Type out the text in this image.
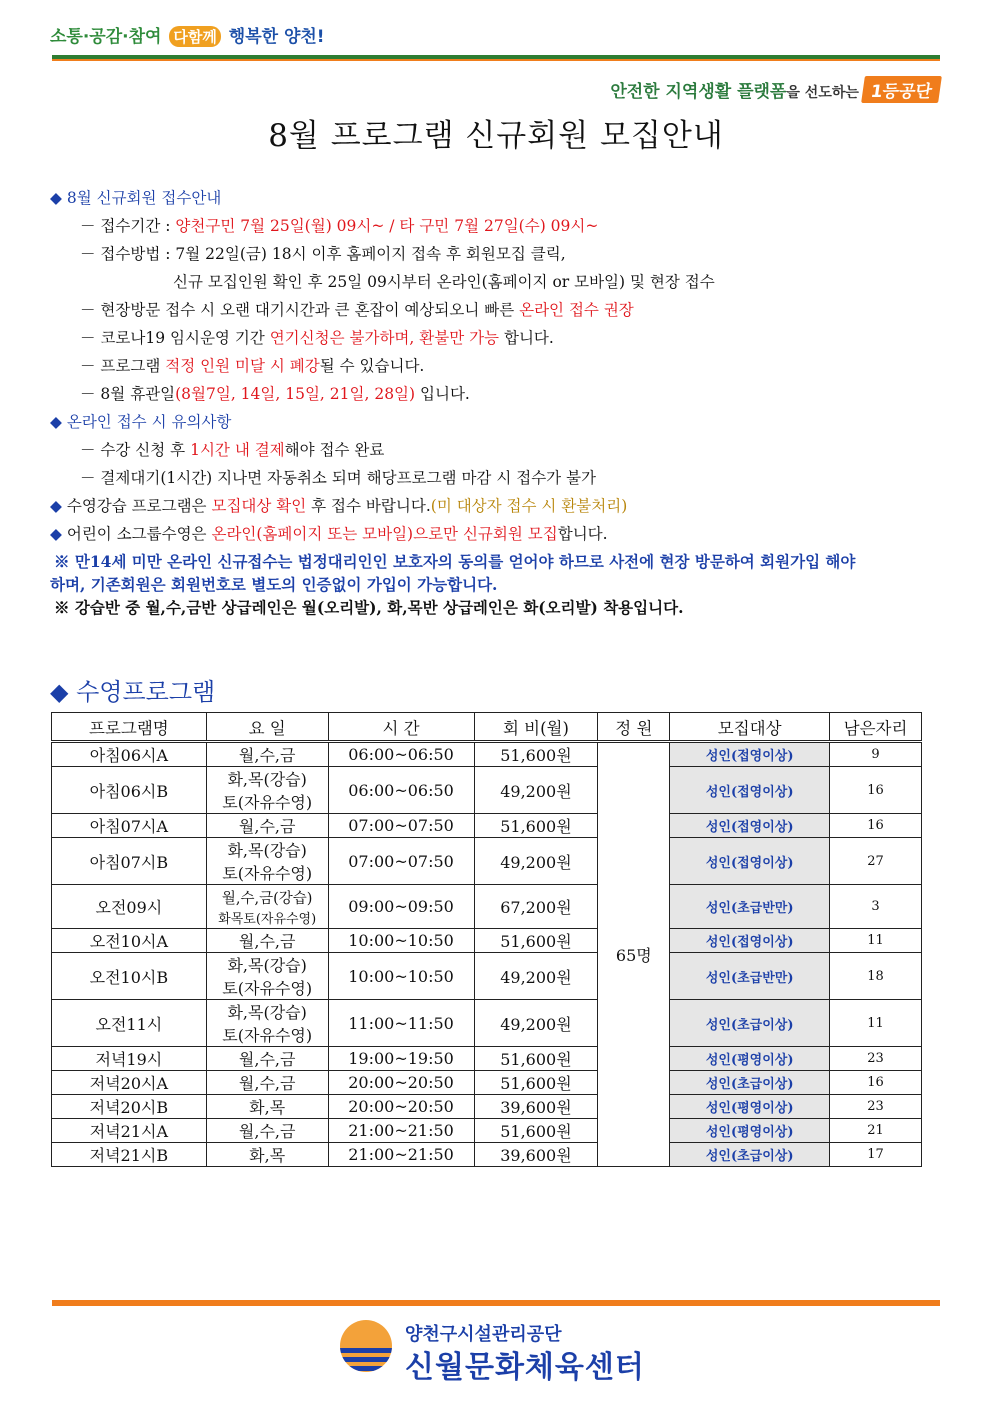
소통·공감·참여 다함께 행복한 양천!
안전한 지역생활 플랫폼을 선도하는 1등공단
8월 프로그램 신규회원 모집안내
◆ 8월 신규회원 접수안내
－ 접수기간 : 양천구민 7월 25일(월) 09시~ / 타 구민 7월 27일(수) 09시~
－ 접수방법 : 7월 22일(금) 18시 이후 홈페이지 접속 후 회원모집 클릭,
신규 모집인원 확인 후 25일 09시부터 온라인(홈페이지 or 모바일) 및 현장 접수
－ 현장방문 접수 시 오랜 대기시간과 큰 혼잡이 예상되오니 빠른 온라인 접수 권장
－ 코로나19 임시운영 기간 연기신청은 불가하며, 환불만 가능 합니다.
－ 프로그램 적정 인원 미달 시 폐강될 수 있습니다.
－ 8월 휴관일(8월7일, 14일, 15일, 21일, 28일) 입니다.
◆ 온라인 접수 시 유의사항
－ 수강 신청 후 1시간 내 결제해야 접수 완료
－ 결제대기(1시간) 지나면 자동취소 되며 해당프로그램 마감 시 접수가 불가
◆ 수영강습 프로그램은 모집대상 확인 후 접수 바랍니다.(미 대상자 접수 시 환불처리)
◆ 어린이 소그룹수영은 온라인(홈페이지 또는 모바일)으로만 신규회원 모집합니다.
※ 만14세 미만 온라인 신규접수는 법정대리인인 보호자의 동의를 얻어야 하므로 사전에 현장 방문하여 회원가입 해야
하며, 기존회원은 회원번호로 별도의 인증없이 가입이 가능합니다.
※ 강습반 중 월,수,금반 상급레인은 월(오리발), 화,목반 상급레인은 화(오리발) 착용입니다.
◆ 수영프로그램
프로그램명	요 일	시 간	회 비(월)	정 원	모집대상	남은자리
아침06시A	월,수,금	06:00~06:50	51,600원	65명	성인(접영이상)	9
아침06시B	화,목(강습)
토(자유수영)	06:00~06:50	49,200원		성인(접영이상)	16
아침07시A	월,수,금	07:00~07:50	51,600원		성인(접영이상)	16
아침07시B	화,목(강습)
토(자유수영)	07:00~07:50	49,200원		성인(접영이상)	27
오전09시	월,수,금(강습)
화목토(자유수영)	09:00~09:50	67,200원		성인(초급반만)	3
오전10시A	월,수,금	10:00~10:50	51,600원		성인(접영이상)	11
오전10시B	화,목(강습)
토(자유수영)	10:00~10:50	49,200원		성인(초급반만)	18
오전11시	화,목(강습)
토(자유수영)	11:00~11:50	49,200원		성인(초급이상)	11
저녁19시	월,수,금	19:00~19:50	51,600원		성인(평영이상)	23
저녁20시A	월,수,금	20:00~20:50	51,600원		성인(초급이상)	16
저녁20시B	화,목	20:00~20:50	39,600원		성인(평영이상)	23
저녁21시A	월,수,금	21:00~21:50	51,600원		성인(평영이상)	21
저녁21시B	화,목	21:00~21:50	39,600원		성인(초급이상)	17
양천구시설관리공단
신월문화체육센터
